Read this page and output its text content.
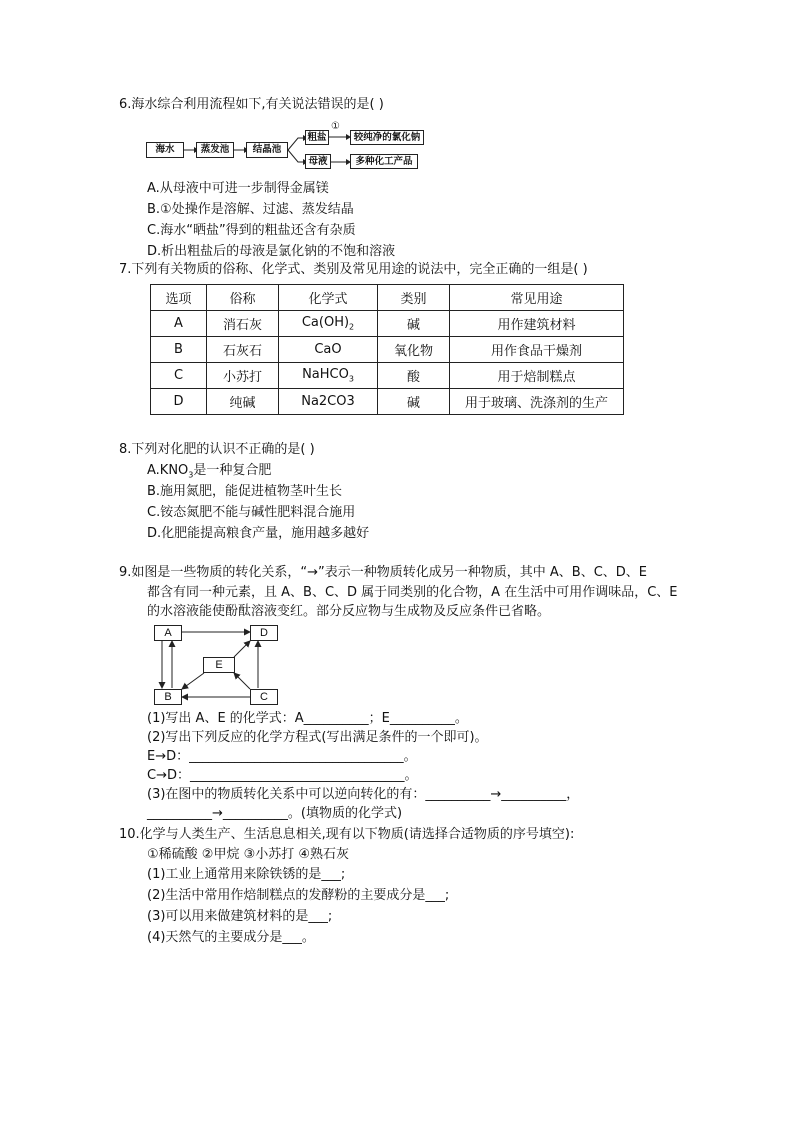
6.海水综合利用流程如下,有关说法错误的是( )
海水	蒸发池	结晶池
粗盐
①
较纯净的氯化钠
母液	多种化工产品
A.从母液中可进一步制得金属镁
B.①处操作是溶解、过滤、蒸发结晶
C.海水“晒盐”得到的粗盐还含有杂质
D.析出粗盐后的母液是氯化钠的不饱和溶液
7.下列有关物质的俗称、化学式、类别及常见用途的说法中，完全正确的一组是( )
选项	俗称	化学式	类别	常见用途
A	消石灰	$Ca(OH)_2$	碱	用作建筑材料
B	石灰石	CaO	氧化物	用作食品干燥剂
C	小苏打	NaHCO$_3$	酸	用于焙制糕点
D	纯碱	Na2CO3	碱	用于玻璃、洗涤剂的生产
8.下列对化肥的认识不正确的是( )
$A.KNO_3$是一种复合肥
B.施用氮肥，能促进植物茎叶生长
C.铵态氮肥不能与碱性肥料混合施用
D.化肥能提高粮食产量，施用越多越好
9.如图是一些物质的转化关系，“→”表示一种物质转化成另一种物质，其中 A、B、C、D、E
都含有同一种元素，且 A、B、C、D 属于同类别的化合物，A 在生活中可用作调味品，C、E
的水溶液能使酚酞溶液变红。部分反应物与生成物及反应条件已省略。
A	D
E
B	C
(1)写出 A、E 的化学式：A__________；E__________。
(2)写出下列反应的化学方程式(写出满足条件的一个即可)。
E→D：_________________________________。
C→D：_________________________________。
(3)在图中的物质转化关系中可以逆向转化的有：__________→__________，
__________→__________。(填物质的化学式)
10.化学与人类生产、生活息息相关,现有以下物质(请选择合适物质的序号填空):
①稀硫酸 ②甲烷 ③小苏打 ④熟石灰
(1)工业上通常用来除铁锈的是___;
(2)生活中常用作焙制糕点的发酵粉的主要成分是___;
(3)可以用来做建筑材料的是___;
(4)天然气的主要成分是___。
